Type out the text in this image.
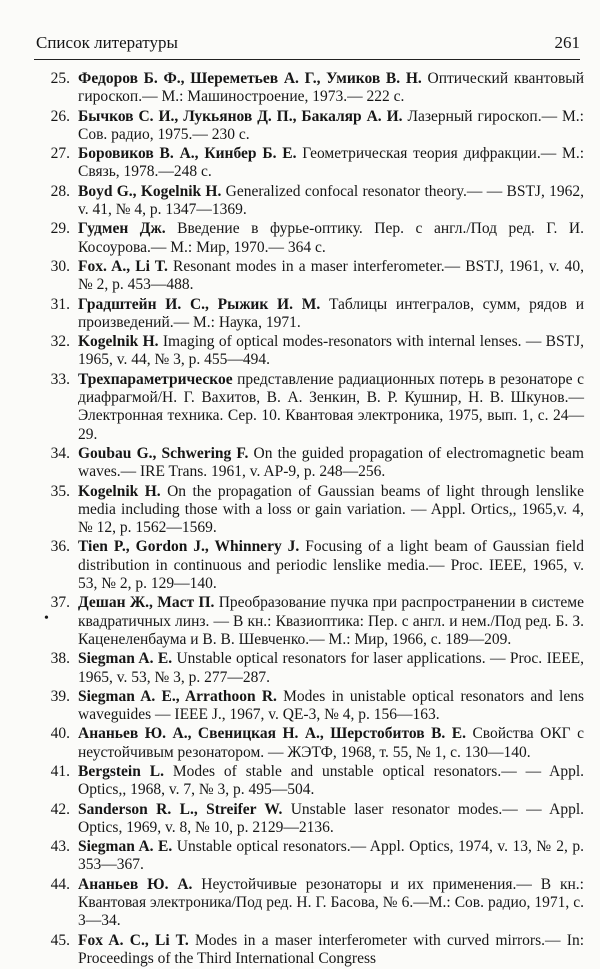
Список литературы	261
25. Федоров Б. Ф., Шереметьев А. Г., Умиков В. Н. Оптический квантовый гироскоп.— М.: Машиностроение, 1973.— 222 с.
26. Бычков С. И., Лукьянов Д. П., Бакаляр А. И. Лазерный гироскоп.— М.: Сов. радио, 1975.— 230 с.
27. Боровиков В. А., Кинбер Б. Е. Геометрическая теория дифракции.— М.: Связь, 1978.—248 с.
28. Boyd G., Kogelnik H. Generalized confocal resonator theory.— — BSTJ, 1962, v. 41, № 4, p. 1347—1369.
29. Гудмен Дж. Введение в фурье-оптику. Пер. с англ./Под ред. Г. И. Косоурова.— М.: Мир, 1970.— 364 с.
30. Fox. A., Li T. Resonant modes in a maser interferometer.— BSTJ, 1961, v. 40, № 2, p. 453—488.
31. Градштейн И. С., Рыжик И. М. Таблицы интегралов, сумм, рядов и произведений.— М.: Наука, 1971.
32. Kogelnik H. Imaging of optical modes-resonators with internal lenses. — BSTJ, 1965, v. 44, № 3, p. 455—494.
33. Трехпараметрическое представление радиационных потерь в резонаторе с диафрагмой/Н. Г. Вахитов, В. А. Зенкин, В. Р. Кушнир, Н. В. Шкунов.— Электронная техника. Сер. 10. Квантовая электроника, 1975, вып. 1, с. 24—29.
34. Goubau G., Schwering F. On the guided propagation of electromagnetic beam waves.— IRE Trans. 1961, v. AP-9, p. 248—256.
35. Kogelnik H. On the propagation of Gaussian beams of light through lenslike media including those with a loss or gain variation. — Appl. Ortics,, 1965,v. 4, № 12, p. 1562—1569.
36. Tien P., Gordon J., Whinnery J. Focusing of a light beam of Gaussian field distribution in continuous and periodic lenslike media.— Proc. IEEE, 1965, v. 53, № 2, p. 129—140.
37. Дешан Ж., Маст П. Преобразование пучка при распространении в системе квадратичных линз. — В кн.: Квазиоптика: Пер. с англ. и нем./Под ред. Б. З. Каценеленбаума и В. В. Шевченко.— М.: Мир, 1966, с. 189—209.
38. Siegman A. E. Unstable optical resonators for laser applications. — Proc. IEEE, 1965, v. 53, № 3, p. 277—287.
39. Siegman A. E., Arrathoon R. Modes in unistable optical resonators and lens waveguides — IEEE J., 1967, v. QE-3, № 4, p. 156—163.
40. Ананьев Ю. А., Свеницкая Н. А., Шерстобитов В. Е. Свойства ОКГ с неустойчивым резонатором. — ЖЭТФ, 1968, т. 55, № 1, с. 130—140.
41. Bergstein L. Modes of stable and unstable optical resonators.— — Appl. Optics,, 1968, v. 7, № 3, p. 495—504.
42. Sanderson R. L., Streifer W. Unstable laser resonator modes.— — Appl. Optics, 1969, v. 8, № 10, p. 2129—2136.
43. Siegman A. E. Unstable optical resonators.— Appl. Optics, 1974, v. 13, № 2, p. 353—367.
44. Ананьев Ю. А. Неустойчивые резонаторы и их применения.— В кн.: Квантовая электроника/Под ред. Н. Г. Басова, № 6.—М.: Сов. радио, 1971, с. 3—34.
45. Fox A. C., Li T. Modes in a maser interferometer with curved mirrors.— In: Proceedings of the Third International Congress
•
